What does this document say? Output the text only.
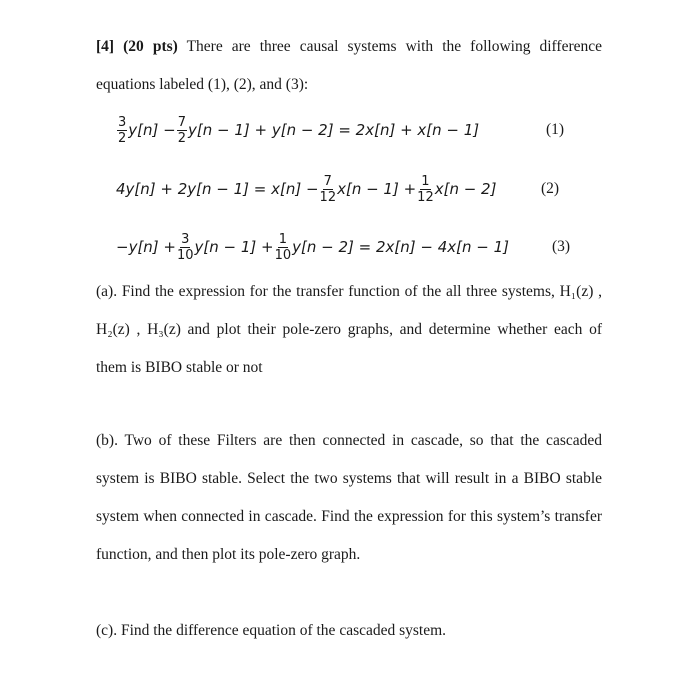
[4] (20 pts) There are three causal systems with the following difference equations labeled (1), (2), and (3):
$\frac{3}{2} y[n] - \frac{7}{2} y[n - 1] + y[n - 2] = 2x[n] + x[n - 1]$	(1)
$4y[n] + 2y[n - 1] = x[n] - \frac{7}{12} x[n - 1] + \frac{1}{12} x[n - 2]$	(2)
$-y[n] + \frac{3}{10} y[n - 1] + \frac{1}{10} y[n - 2] = 2x[n] - 4x[n - 1]$	(3)
(a). Find the expression for the transfer function of the all three systems, H₁(z) , H₂(z) , H₃(z) and plot their pole-zero graphs, and determine whether each of them is BIBO stable or not
(b). Two of these Filters are then connected in cascade, so that the cascaded system is BIBO stable. Select the two systems that will result in a BIBO stable system when connected in cascade. Find the expression for this system’s transfer function, and then plot its pole-zero graph.
(c). Find the difference equation of the cascaded system.
